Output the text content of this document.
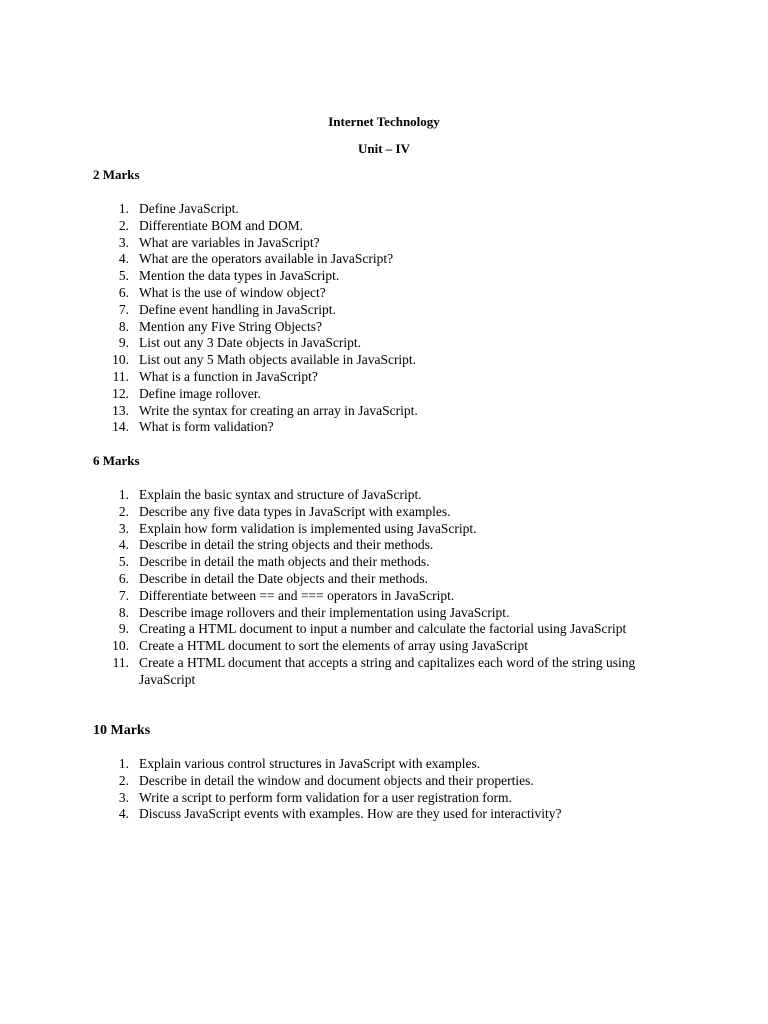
Internet Technology
Unit – IV
2 Marks
1. Define JavaScript.
2. Differentiate BOM and DOM.
3. What are variables in JavaScript?
4. What are the operators available in JavaScript?
5. Mention the data types in JavaScript.
6. What is the use of window object?
7. Define event handling in JavaScript.
8. Mention any Five String Objects?
9. List out any 3 Date objects in JavaScript.
10. List out any 5 Math objects available in JavaScript.
11. What is a function in JavaScript?
12. Define image rollover.
13. Write the syntax for creating an array in JavaScript.
14. What is form validation?
6 Marks
1. Explain the basic syntax and structure of JavaScript.
2. Describe any five data types in JavaScript with examples.
3. Explain how form validation is implemented using JavaScript.
4. Describe in detail the string objects and their methods.
5. Describe in detail the math objects and their methods.
6. Describe in detail the Date objects and their methods.
7. Differentiate between == and === operators in JavaScript.
8. Describe image rollovers and their implementation using JavaScript.
9. Creating a HTML document to input a number and calculate the factorial using JavaScript
10. Create a HTML document to sort the elements of array using JavaScript
11. Create a HTML document that accepts a string and capitalizes each word of the string using JavaScript
10 Marks
1. Explain various control structures in JavaScript with examples.
2. Describe in detail the window and document objects and their properties.
3. Write a script to perform form validation for a user registration form.
4. Discuss JavaScript events with examples. How are they used for interactivity?
